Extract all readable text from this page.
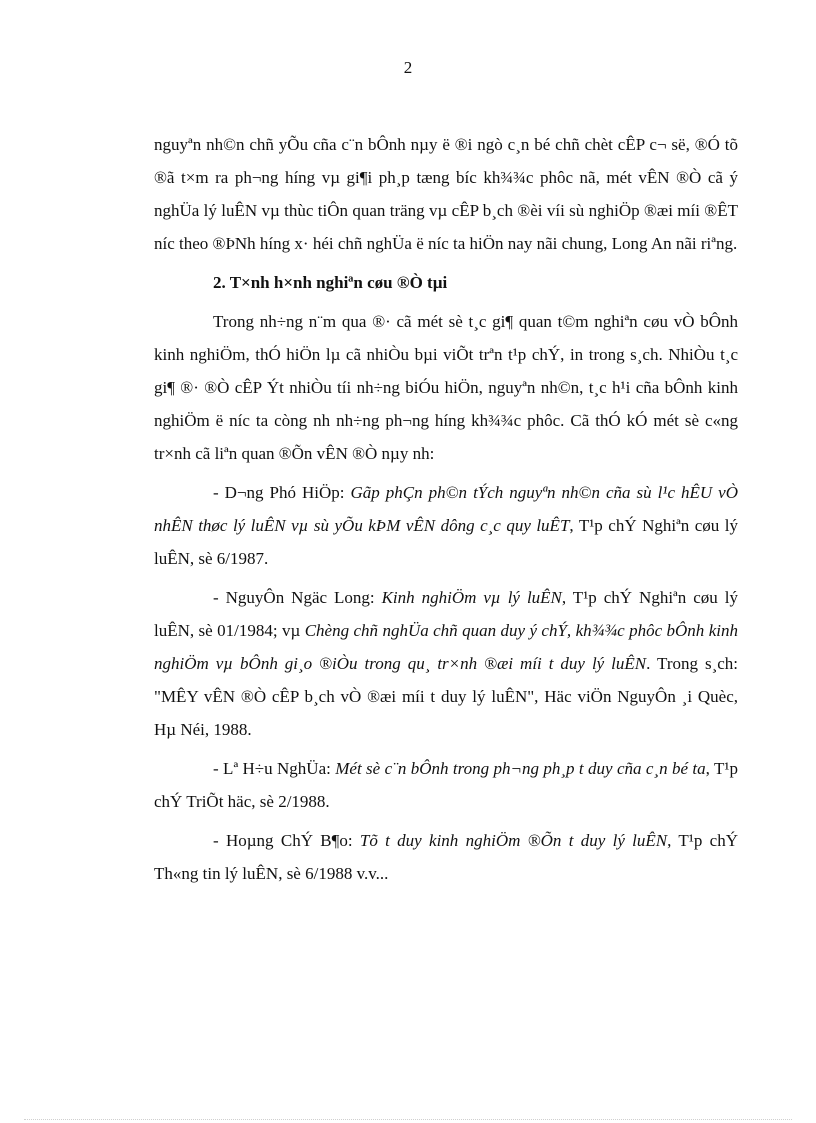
2

nguyªn nh©n chñ yÕu cña c¨n bÔnh nµy ë ®i ngò c¸n bé chñ chèt cÊP c¬ së, ®Ó tõ ®ã t×m ra ph¬ng híng vµ gi¶i ph¸p tæng bíc kh¾¾c phôc nã, mét vÊN ®Ò cã ý nghÜa lý luÊN vµ thùc tiÔn quan träng vµ cÊP b¸ch ®èi víi sù nghiÖp ®æi míi ®ÊT níc theo ®ÞNh híng x· héi chñ nghÜa ë níc ta hiÖn nay nãi chung, Long An nãi riªng.

2. T×nh h×nh nghiªn cøu ®Ò tµi

Trong nh÷ng n¨m qua ®· cã mét sè t¸c gi¶ quan t©m nghiªn cøu vÒ bÔnh kinh nghiÖm, thÓ hiÖn lµ cã nhiÒu bµi viÕt trªn t¹p chÝ, in trong s¸ch. NhiÒu t¸c gi¶ ®· ®Ò cÊP Ýt nhiÒu tíi nh÷ng biÓu hiÖn, nguyªn nh©n, t¸c h¹i cña bÔnh kinh nghiÖm ë níc ta còng nh nh÷ng ph¬ng híng kh¾¾c phôc. Cã thÓ kÓ mét sè c«ng tr×nh cã liªn quan ®Õn vÊN ®Ò nµy nh:

- D¬ng Phó HiÖp: Gãp phÇn ph©n tÝch nguyªn nh©n cña sù l¹c hÊU vÒ nhÊN thøc lý luÊN vµ sù yÕu kÞM vÊN dông c¸c quy luÊT, T¹p chÝ Nghiªn cøu lý luÊN, sè 6/1987.

- NguyÔn Ngäc Long: Kinh nghiÖm vµ lý luÊN, T¹p chÝ Nghiªn cøu lý luÊN, sè 01/1984; vµ Chèng chñ nghÜa chñ quan duy ý chÝ, kh¾¾c phôc bÔnh kinh nghiÖm vµ bÔnh gi¸o ®iÒu trong qu¸ tr×nh ®æi míi t duy lý luÊN. Trong s¸ch: "MÊY vÊN ®Ò cÊP b¸ch vÒ ®æi míi t duy lý luÊN", Häc viÖn NguyÔn ¸i Quèc, Hµ Néi, 1988.

- Lª H÷u NghÜa: Mét sè c¨n bÔnh trong ph¬ng ph¸p t duy cña c¸n bé ta, T¹p chÝ TriÕt häc, sè 2/1988.

- Hoµng ChÝ B¶o: Tõ t duy kinh nghiÖm ®Õn t duy lý luÊN, T¹p chÝ Th«ng tin lý luÊN, sè 6/1988 v.v...
